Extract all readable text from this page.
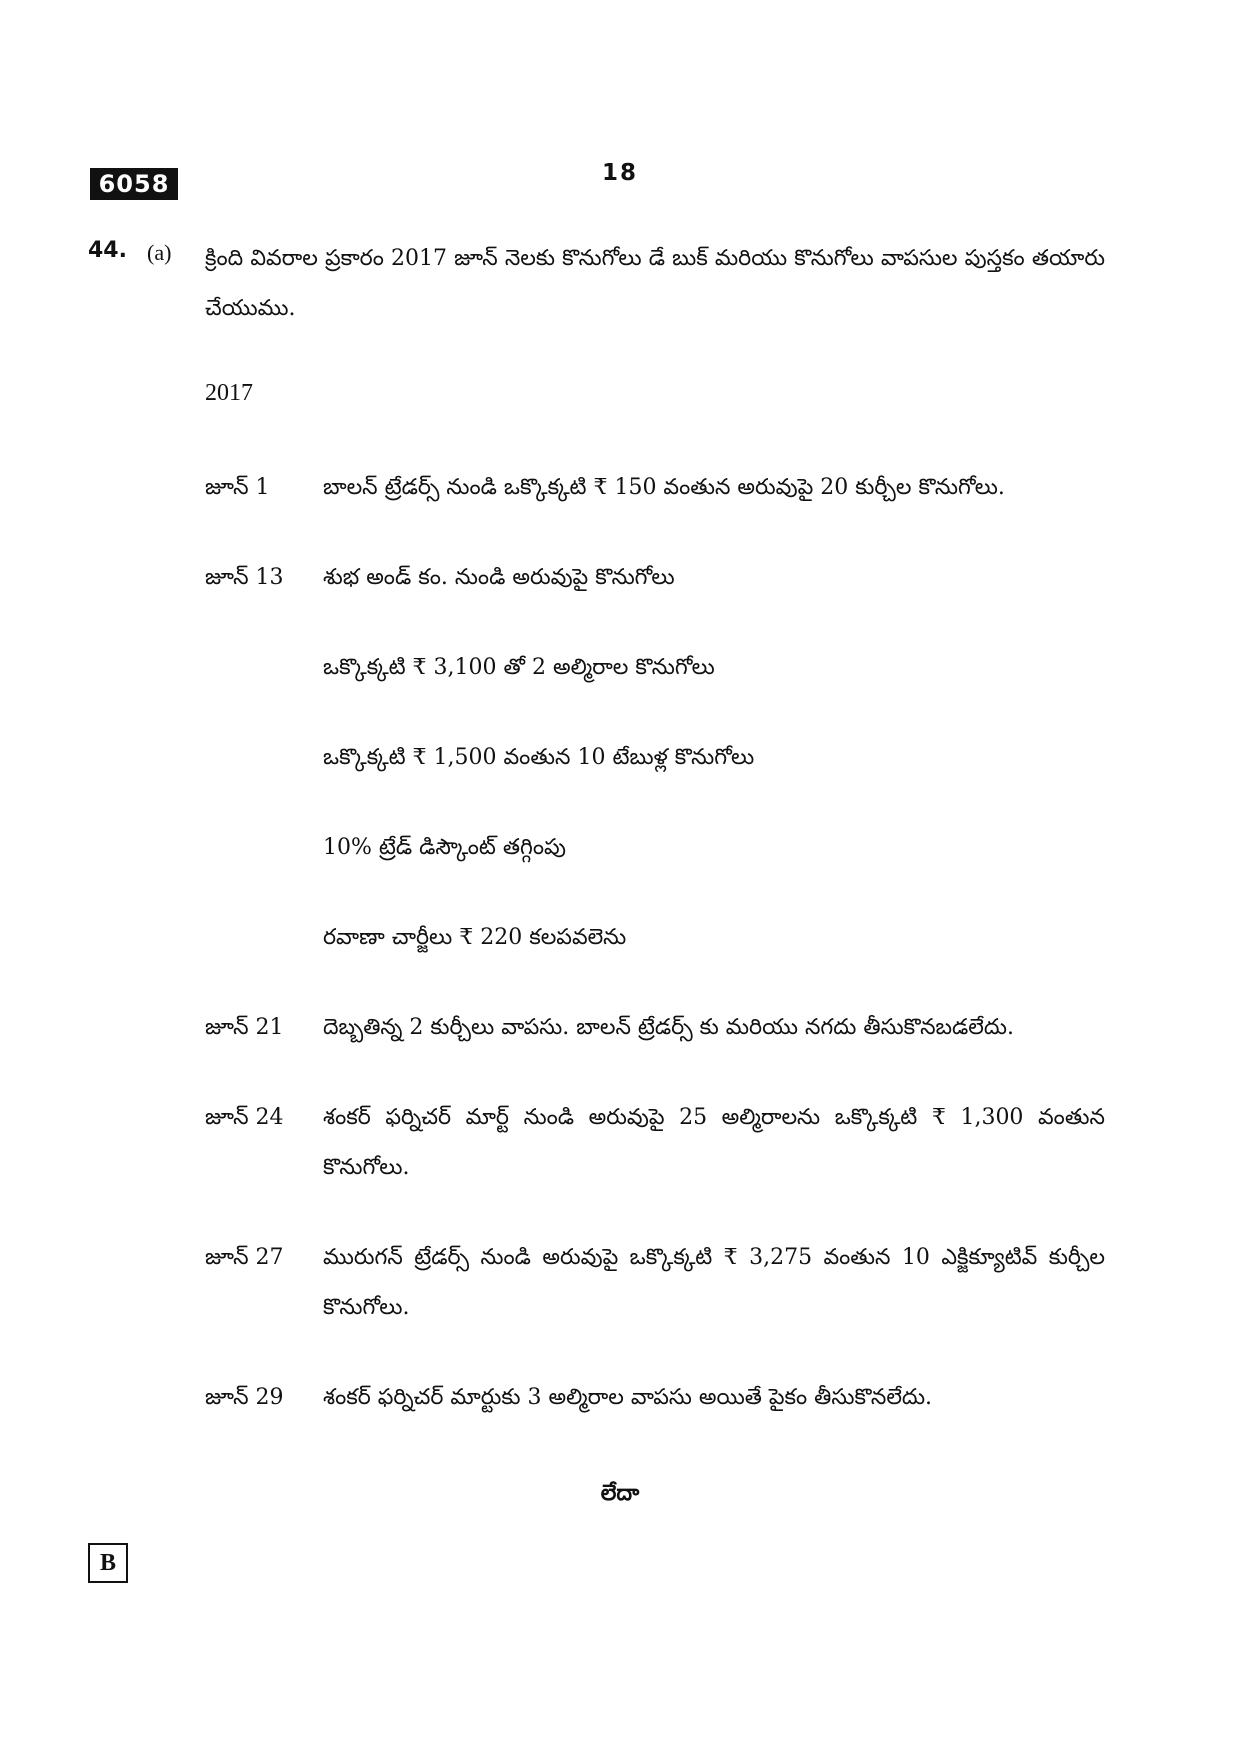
6058	18
44. (a) క్రింది వివరాల ప్రకారం 2017 జూన్ నెలకు కొనుగోలు డే బుక్ మరియు కొనుగోలు వాపసుల పుస్తకం తయారు చేయుము.

2017
జూన్ 1	బాలన్ ట్రేడర్స్ నుండి ఒక్కొక్కటి ₹ 150 వంతున అరువుపై 20 కుర్చీల కొనుగోలు.
జూన్ 13	శుభ అండ్ కం. నుండి అరువుపై కొనుగోలు
ఒక్కొక్కటి ₹ 3,100 తో 2 అల్మిరాల కొనుగోలు
ఒక్కొక్కటి ₹ 1,500 వంతున 10 టేబుళ్ల కొనుగోలు
10% ట్రేడ్ డిస్కౌంట్ తగ్గింపు
రవాణా చార్జీలు ₹ 220 కలపవలెను
జూన్ 21	దెబ్బతిన్న 2 కుర్చీలు వాపసు. బాలన్ ట్రేడర్స్ కు మరియు నగదు తీసుకొనబడలేదు.
జూన్ 24	శంకర్ ఫర్నిచర్ మార్ట్ నుండి అరువుపై 25 అల్మిరాలను ఒక్కొక్కటి ₹ 1,300 వంతున కొనుగోలు.
జూన్ 27	మురుగన్ ట్రేడర్స్ నుండి అరువుపై ఒక్కొక్కటి ₹ 3,275 వంతున 10 ఎక్జిక్యూటివ్ కుర్చీల కొనుగోలు.
జూన్ 29	శంకర్ ఫర్నిచర్ మార్టుకు 3 అల్మిరాల వాపసు అయితే పైకం తీసుకొనలేదు.
లేదా
B
